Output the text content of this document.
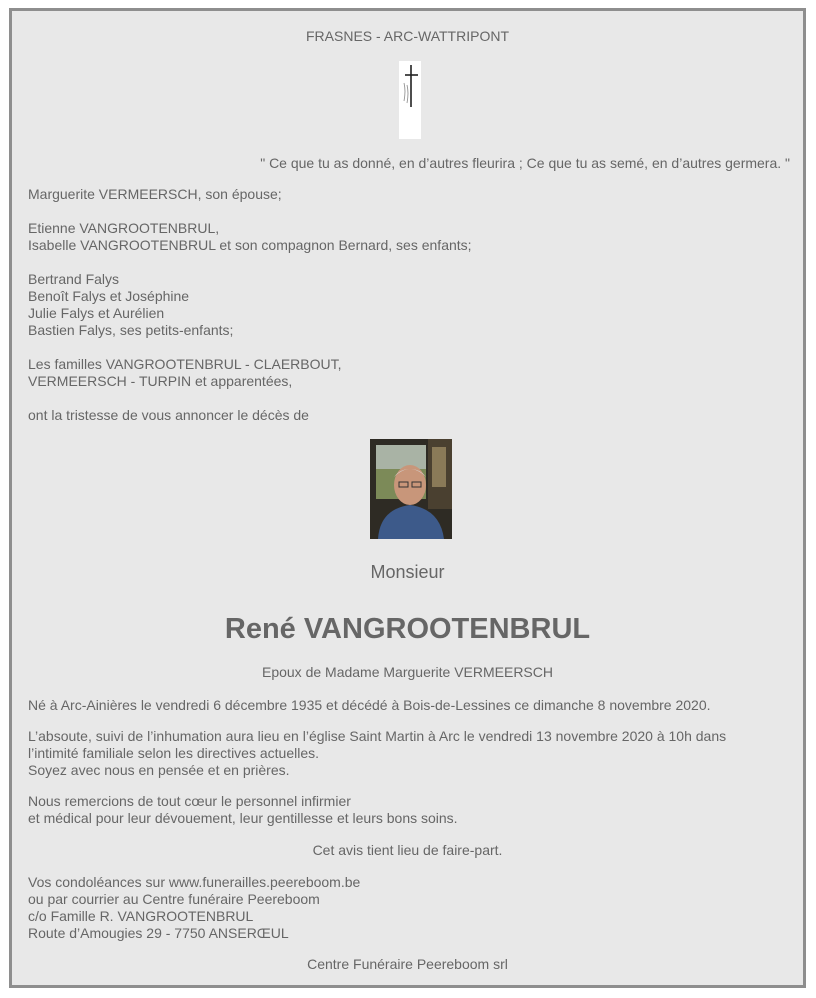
FRASNES - ARC-WATTRIPONT
" Ce que tu as donné, en d’autres fleurira ; Ce que tu as semé, en d’autres germera. "
Marguerite VERMEERSCH, son épouse;
Etienne VANGROOTENBRUL,
Isabelle VANGROOTENBRUL et son compagnon Bernard, ses enfants;
Bertrand Falys
Benoît Falys et Joséphine
Julie Falys et Aurélien
Bastien Falys, ses petits-enfants;
Les familles VANGROOTENBRUL - CLAERBOUT,
VERMEERSCH - TURPIN et apparentées,
ont la tristesse de vous annoncer le décès de
Monsieur
René VANGROOTENBRUL
Epoux de Madame Marguerite VERMEERSCH
Né à Arc-Ainières le vendredi 6 décembre 1935 et décédé à Bois-de-Lessines ce dimanche 8 novembre 2020.
L’absoute, suivi de l’inhumation aura lieu en l’église Saint Martin à Arc le vendredi 13 novembre 2020 à 10h dans
l’intimité familiale selon les directives actuelles.
Soyez avec nous en pensée et en prières.
Nous remercions de tout cœur le personnel infirmier
et médical pour leur dévouement, leur gentillesse et leurs bons soins.
Cet avis tient lieu de faire-part.
Vos condoléances sur www.funerailles.peereboom.be
ou par courrier au Centre funéraire Peereboom
c/o Famille R. VANGROOTENBRUL
Route d’Amougies 29 - 7750 ANSERŒUL
Centre Funéraire Peereboom srl
